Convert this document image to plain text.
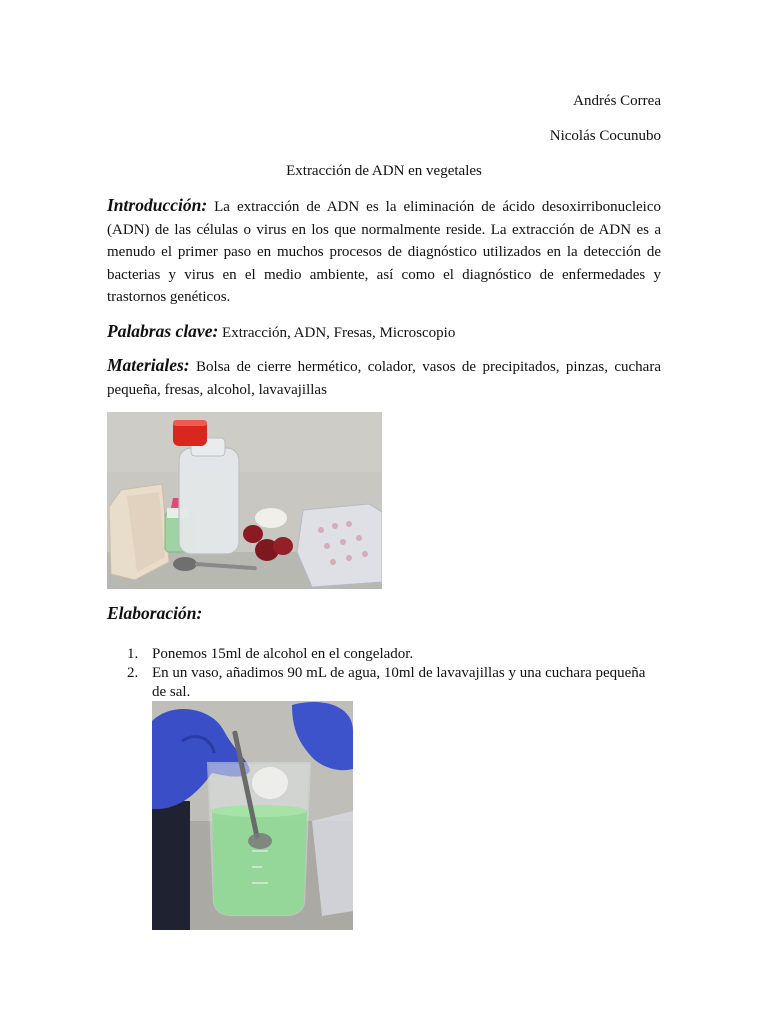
Andrés Correa
Nicolás Cocunubo
Extracción de ADN en vegetales
Introducción: La extracción de ADN es la eliminación de ácido desoxirribonucleico (ADN) de las células o virus en los que normalmente reside. La extracción de ADN es a menudo el primer paso en muchos procesos de diagnóstico utilizados en la detección de bacterias y virus en el medio ambiente, así como el diagnóstico de enfermedades y trastornos genéticos.
Palabras clave: Extracción, ADN, Fresas, Microscopio
Materiales: Bolsa de cierre hermético, colador, vasos de precipitados, pinzas, cuchara pequeña, fresas, alcohol, lavavajillas
Elaboración:
1. Ponemos 15ml de alcohol en el congelador.
2. En un vaso, añadimos 90 mL de agua, 10ml de lavavajillas y una cuchara pequeña de sal.
